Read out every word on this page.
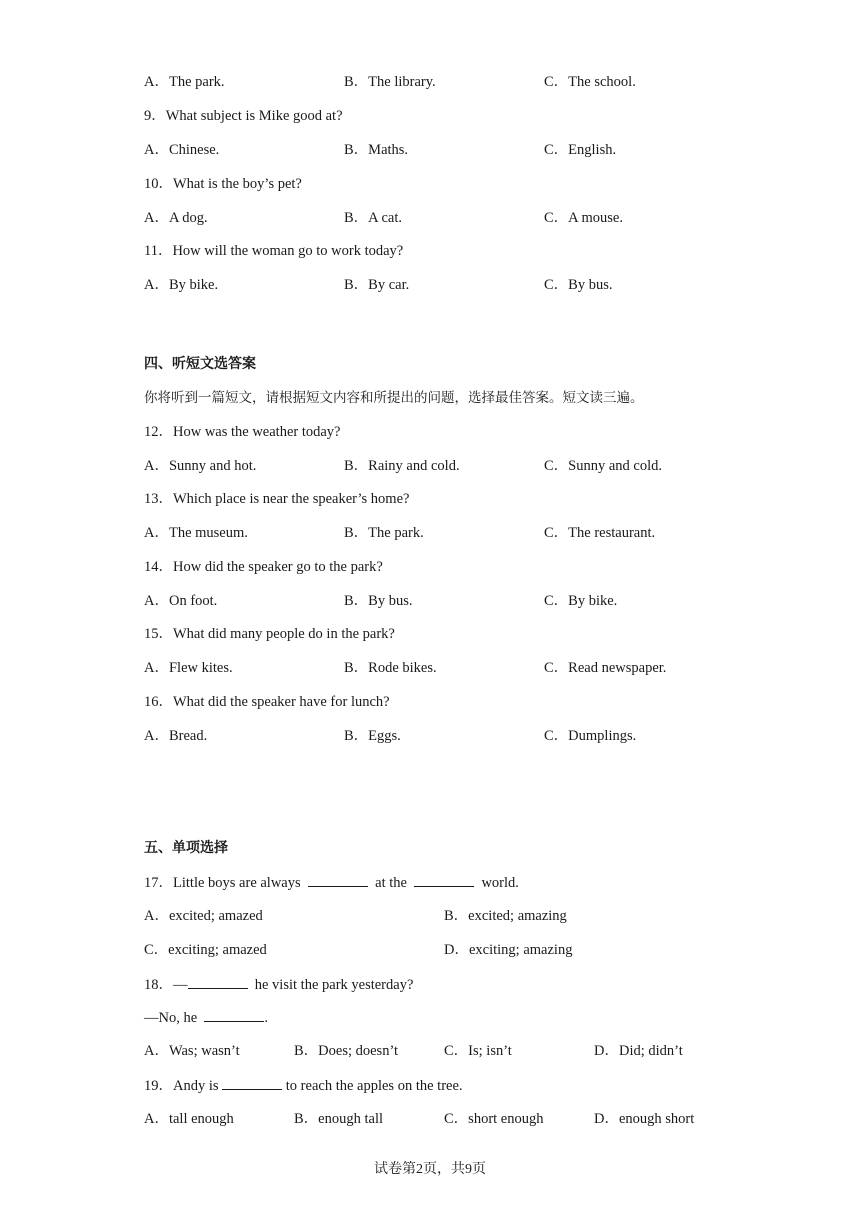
A．The park.	B．The library.	C．The school.
9．What subject is Mike good at?
A．Chinese.	B．Maths.	C．English.
10．What is the boy’s pet?
A．A dog.	B．A cat.	C．A mouse.
11．How will the woman go to work today?
A．By bike.	B．By car.	C．By bus.
四、听短文选答案
你将听到一篇短文，请根据短文内容和所提出的问题，选择最佳答案。短文读三遍。
12．How was the weather today?
A．Sunny and hot.	B．Rainy and cold.	C．Sunny and cold.
13．Which place is near the speaker’s home?
A．The museum.	B．The park.	C．The restaurant.
14．How did the speaker go to the park?
A．On foot.	B．By bus.	C．By bike.
15．What did many people do in the park?
A．Flew kites.	B．Rode bikes.	C．Read newspaper.
16．What did the speaker have for lunch?
A．Bread.	B．Eggs.	C．Dumplings.
五、单项选择
17．Little boys are always	at the	world.
A．excited; amazed	B．excited; amazing
C．exciting; amazed	D．exciting; amazing
18．—	he visit the park yesterday?
—No, he	.
A．Was; wasn’t	B．Does; doesn’t	C．Is; isn’t	D．Did; didn’t
19．Andy is	to reach the apples on the tree.
A．tall enough	B．enough tall	C．short enough	D．enough short
试卷第2页，共9页
